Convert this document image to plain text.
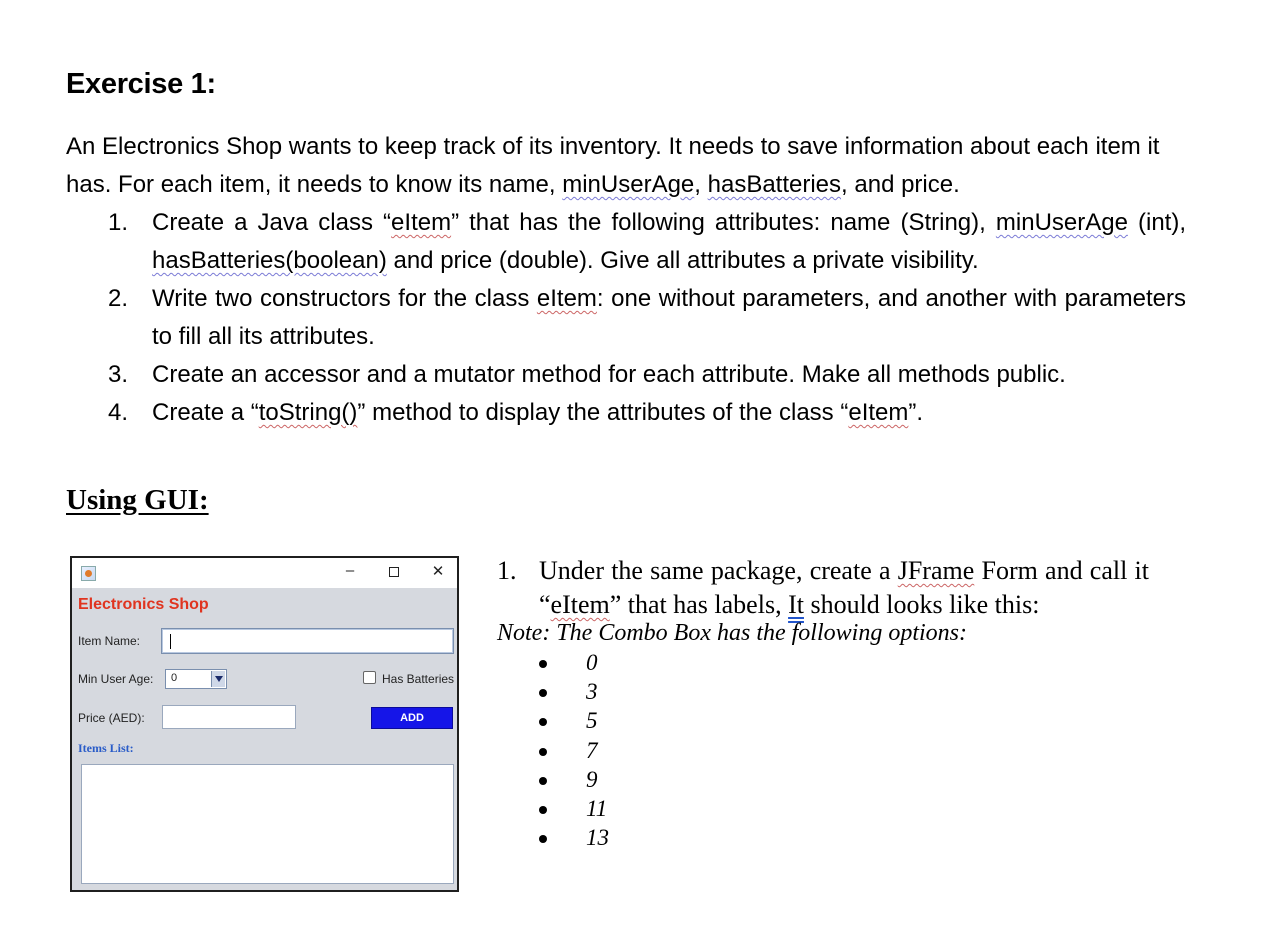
Exercise 1:

An Electronics Shop wants to keep track of its inventory. It needs to save information about each item it has. For each item, it needs to know its name, minUserAge, hasBatteries, and price.

1. Create a Java class “eItem” that has the following attributes: name (String), minUserAge (int), hasBatteries(boolean) and price (double). Give all attributes a private visibility.
2. Write two constructors for the class eItem: one without parameters, and another with parameters to fill all its attributes.
3. Create an accessor and a mutator method for each attribute. Make all methods public.
4. Create a “toString()” method to display the attributes of the class “eItem”.
Using GUI:
–	✕
Electronics Shop
Item Name:
Min User Age:	0	Has Batteries
Price (AED):	ADD
Items List:
1. Under the same package, create a JFrame Form and call it “eItem” that has labels, It should looks like this:
Note: The Combo Box has the following options:
0
3
5
7
9
11
13
